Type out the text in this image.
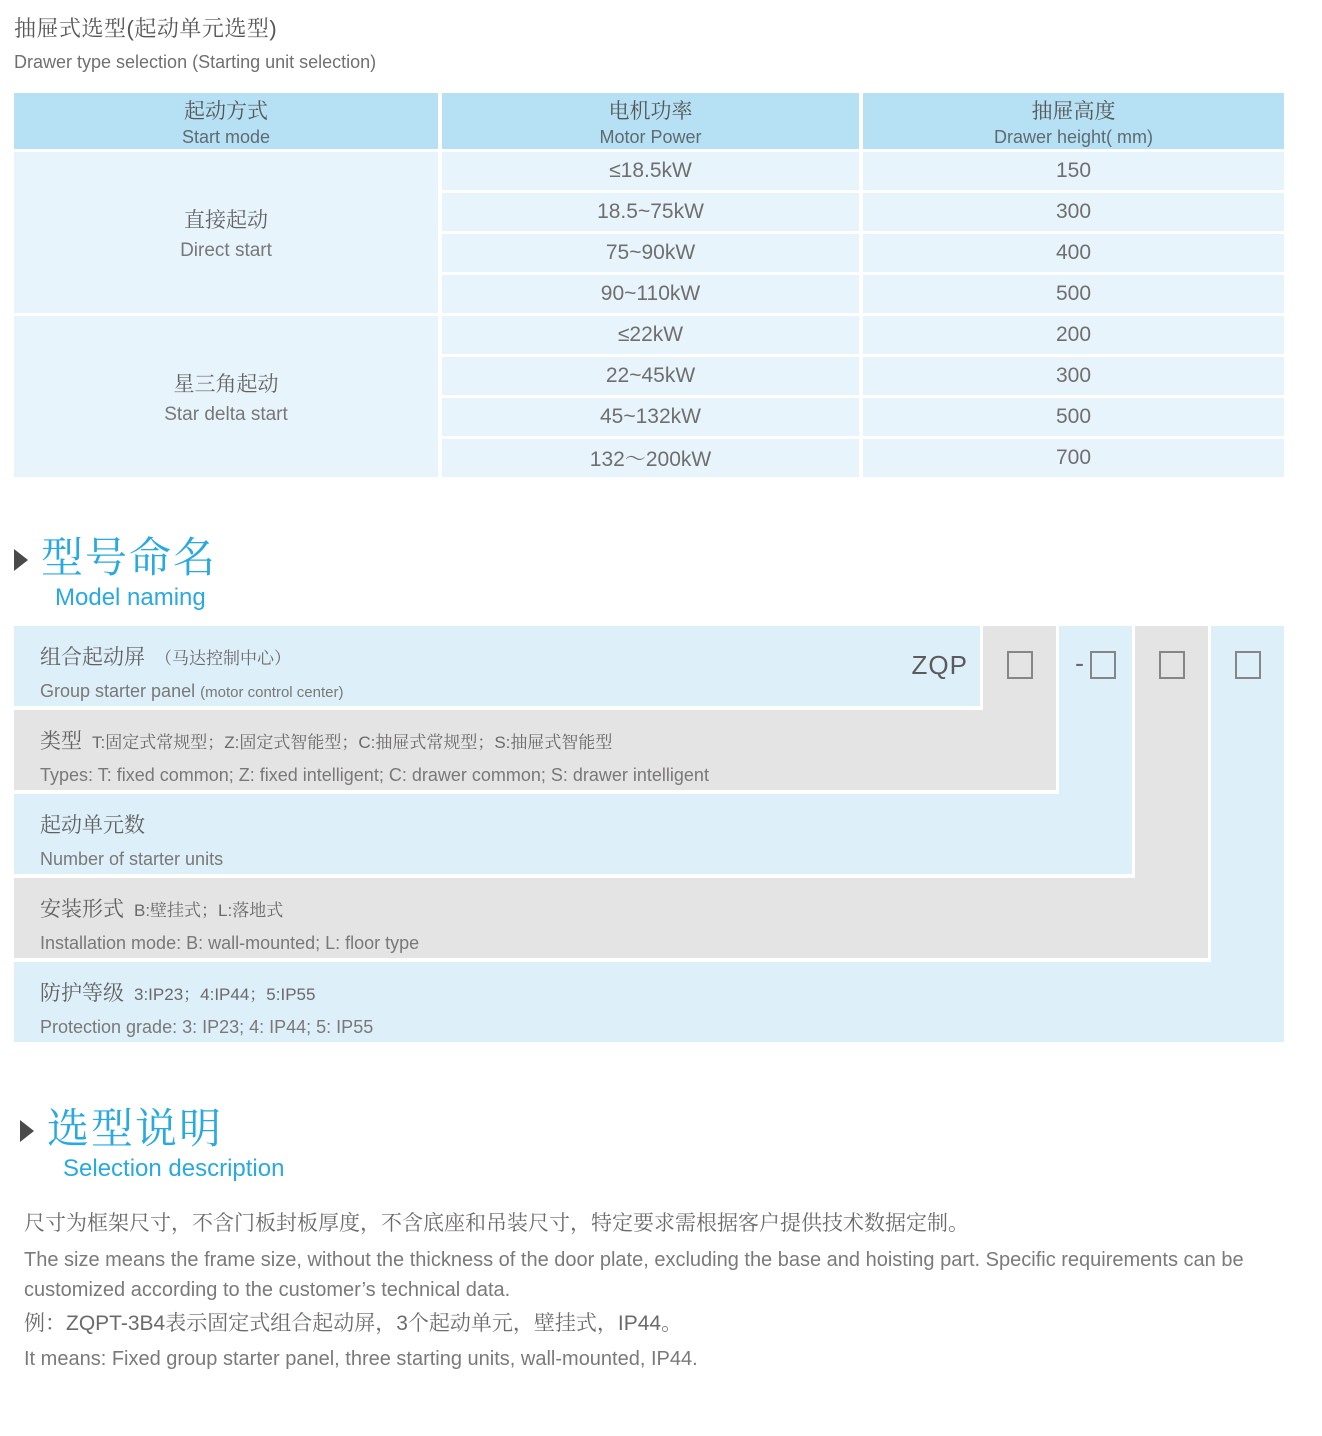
抽屉式选型(起动单元选型)
Drawer type selection (Starting unit selection)
起动方式
Start mode
直接起动
Direct start
星三角起动
Star delta start
电机功率
Motor Power
≤18.5kW
18.5~75kW
75~90kW
90~110kW
≤22kW
22~45kW
45~132kW
132～200kW
抽屉高度
Drawer height( mm)
150
300
400
500
200
300
500
700
型号命名
Model naming
-
组合起动屏 （马达控制中心）
Group starter panel (motor control center)
ZQP
类型 T:固定式常规型；Z:固定式智能型；C:抽屉式常规型；S:抽屉式智能型
Types: T: fixed common; Z: fixed intelligent; C: drawer common; S: drawer intelligent
起动单元数
Number of starter units
安装形式 B:壁挂式；L:落地式
Installation mode: B: wall-mounted; L: floor type
防护等级 3:IP23；4:IP44；5:IP55
Protection grade: 3: IP23; 4: IP44; 5: IP55
选型说明
Selection description
尺寸为框架尺寸，不含门板封板厚度，不含底座和吊装尺寸，特定要求需根据客户提供技术数据定制。
The size means the frame size, without the thickness of the door plate, excluding the base and hoisting part. Specific requirements can be customized according to the customer’s technical data.
例：ZQPT-3B4表示固定式组合起动屏，3个起动单元，壁挂式，IP44。
It means: Fixed group starter panel, three starting units, wall-mounted, IP44.
